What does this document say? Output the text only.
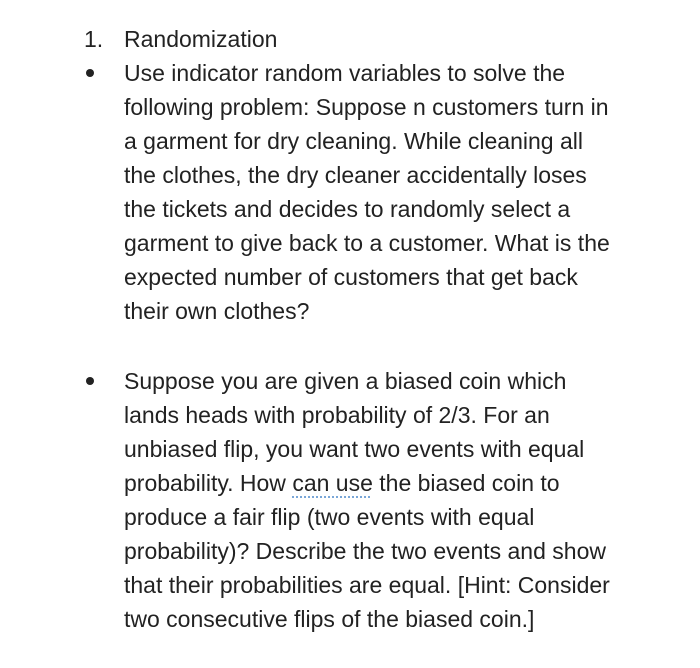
1. Randomization
Use indicator random variables to solve the
following problem: Suppose n customers turn in
a garment for dry cleaning. While cleaning all
the clothes, the dry cleaner accidentally loses
the tickets and decides to randomly select a
garment to give back to a customer. What is the
expected number of customers that get back
their own clothes?
Suppose you are given a biased coin which
lands heads with probability of 2/3. For an
unbiased flip, you want two events with equal
probability. How can use the biased coin to
produce a fair flip (two events with equal
probability)? Describe the two events and show
that their probabilities are equal. [Hint: Consider
two consecutive flips of the biased coin.]
